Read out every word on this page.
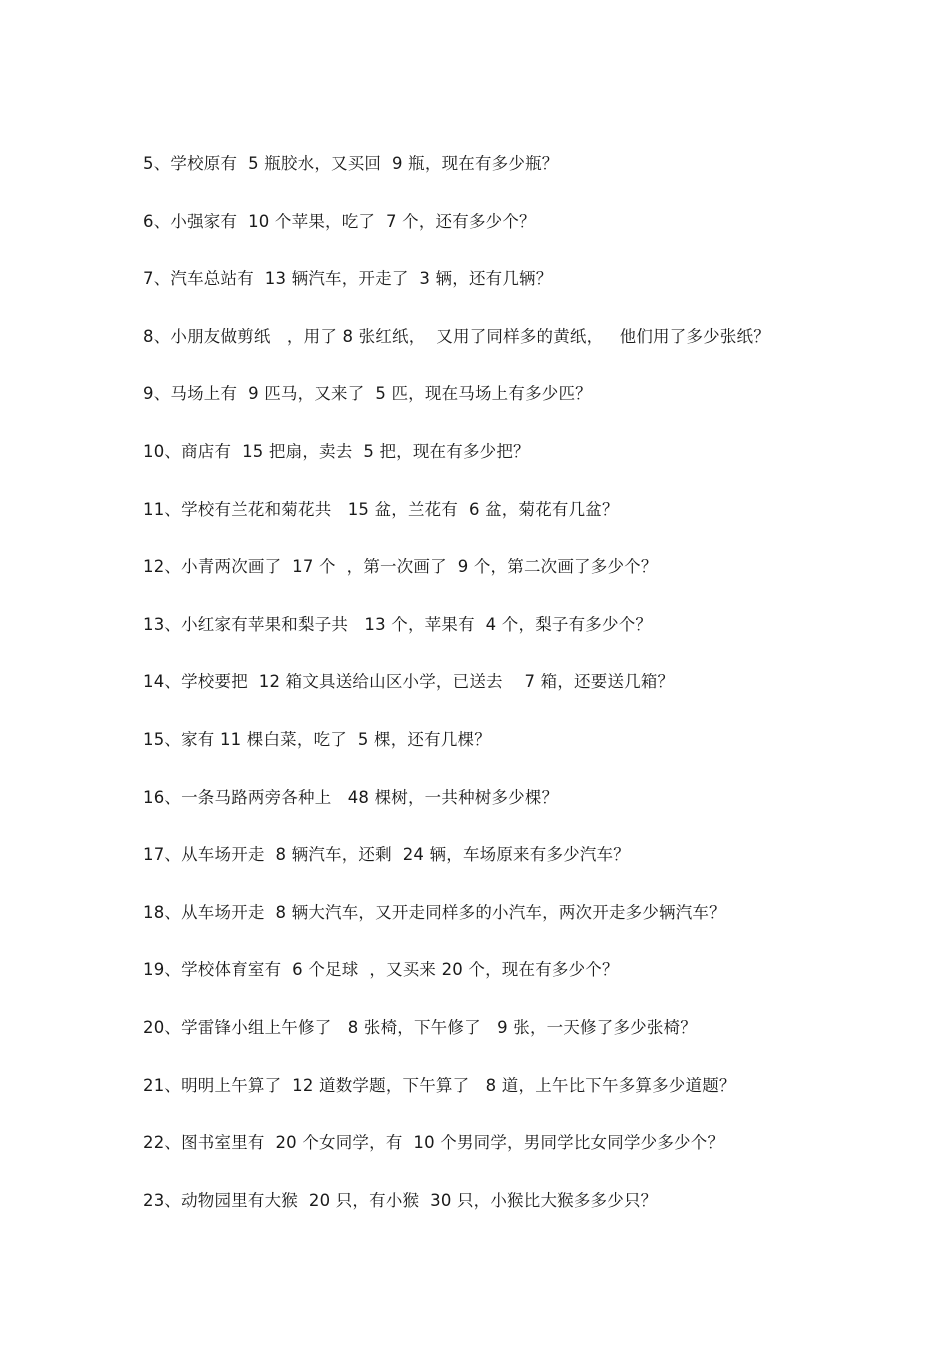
5、学校原有  5 瓶胶水，又买回  9 瓶，现在有多少瓶？
6、小强家有  10 个苹果，吃了  7 个，还有多少个？
7、汽车总站有  13 辆汽车，开走了  3 辆，还有几辆？
8、小朋友做剪纸   ，用了 8 张红纸，  又用了同样多的黄纸，   他们用了多少张纸？
9、马场上有  9 匹马，又来了  5 匹，现在马场上有多少匹？
10、商店有  15 把扇，卖去  5 把，现在有多少把？
11、学校有兰花和菊花共   15 盆，兰花有  6 盆，菊花有几盆？
12、小青两次画了  17 个  ，第一次画了  9 个，第二次画了多少个？
13、小红家有苹果和梨子共   13 个，苹果有  4 个，梨子有多少个？
14、学校要把  12 箱文具送给山区小学，已送去    7 箱，还要送几箱？
15、家有 11 棵白菜，吃了  5 棵，还有几棵？
16、一条马路两旁各种上   48 棵树，一共种树多少棵？
17、从车场开走  8 辆汽车，还剩  24 辆，车场原来有多少汽车？
18、从车场开走  8 辆大汽车，又开走同样多的小汽车，两次开走多少辆汽车？
19、学校体育室有  6 个足球  ，又买来 20 个，现在有多少个？
20、学雷锋小组上午修了   8 张椅，下午修了   9 张，一天修了多少张椅？
21、明明上午算了  12 道数学题，下午算了   8 道，上午比下午多算多少道题？
22、图书室里有  20 个女同学，有  10 个男同学，男同学比女同学少多少个？
23、动物园里有大猴  20 只，有小猴  30 只，小猴比大猴多多少只？
